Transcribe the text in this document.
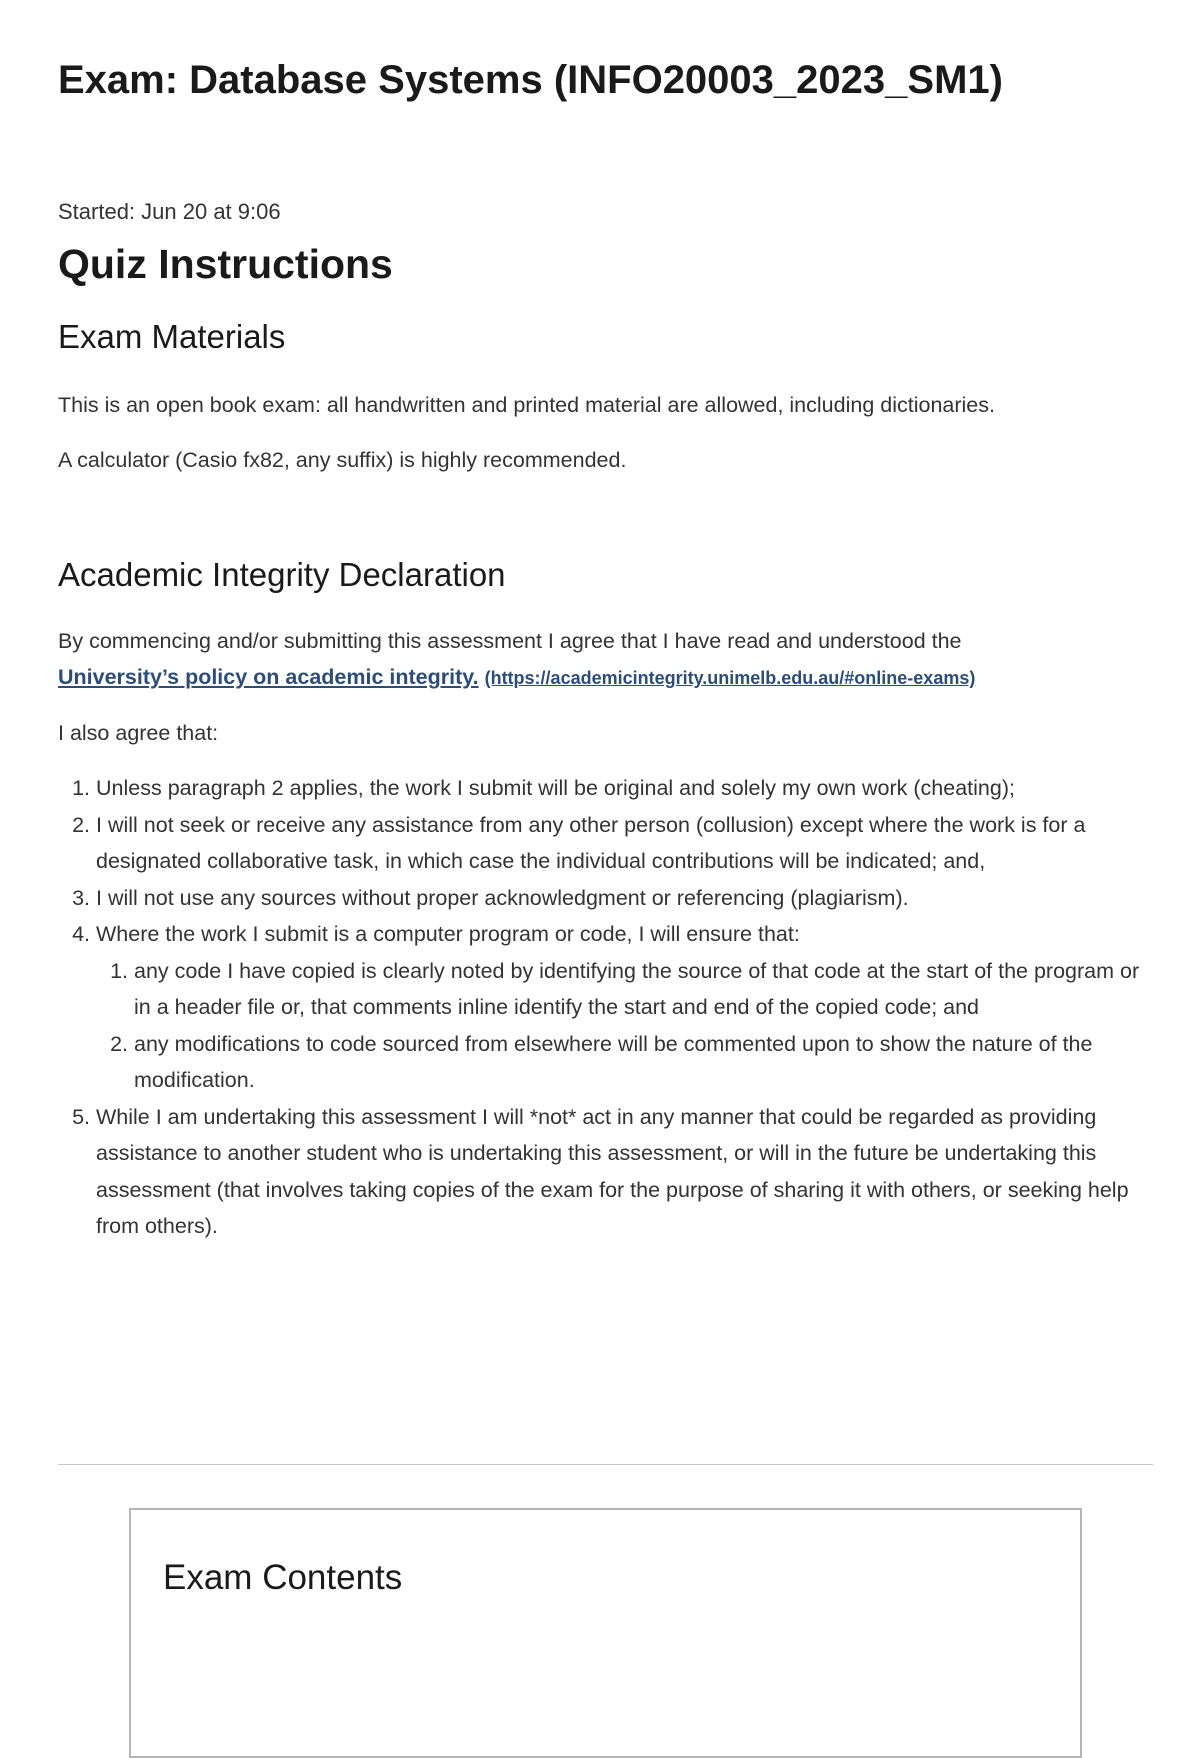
Exam: Database Systems (INFO20003_2023_SM1)
Started: Jun 20 at 9:06
Quiz Instructions
Exam Materials

This is an open book exam: all handwritten and printed material are allowed, including dictionaries.

A calculator (Casio fx82, any suffix) is highly recommended.

Academic Integrity Declaration

By commencing and/or submitting this assessment I agree that I have read and understood the

University’s policy on academic integrity. (https://academicintegrity.unimelb.edu.au/#online-exams)

I also agree that:

1. Unless paragraph 2 applies, the work I submit will be original and solely my own work (cheating);
2. I will not seek or receive any assistance from any other person (collusion) except where the work is for a designated collaborative task, in which case the individual contributions will be indicated; and,
3. I will not use any sources without proper acknowledgment or referencing (plagiarism).
4. Where the work I submit is a computer program or code, I will ensure that:
1. any code I have copied is clearly noted by identifying the source of that code at the start of the program or in a header file or, that comments inline identify the start and end of the copied code; and
2. any modifications to code sourced from elsewhere will be commented upon to show the nature of the modification.
5. While I am undertaking this assessment I will *not* act in any manner that could be regarded as providing assistance to another student who is undertaking this assessment, or will in the future be undertaking this assessment (that involves taking copies of the exam for the purpose of sharing it with others, or seeking help from others).
Exam Contents
